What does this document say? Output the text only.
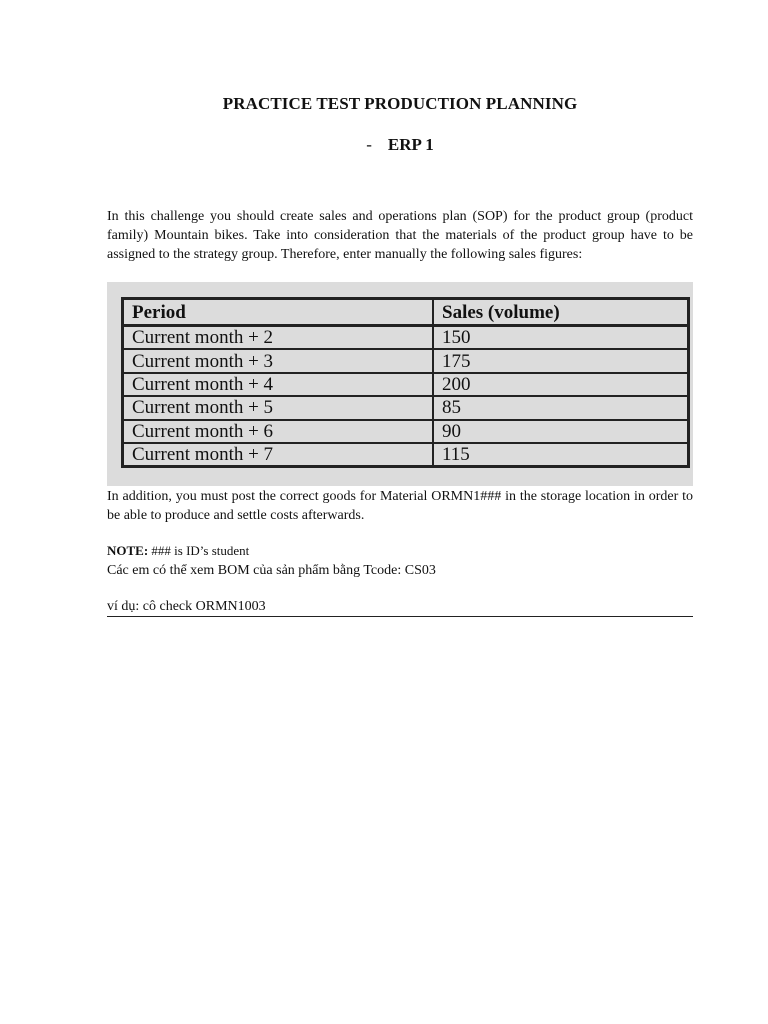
PRACTICE TEST PRODUCTION PLANNING
- ERP 1

In this challenge you should create sales and operations plan (SOP) for the product group (product family) Mountain bikes. Take into consideration that the materials of the product group have to be assigned to the strategy group. Therefore, enter manually the following sales figures:

Period	Sales (volume)
Current month + 2	150
Current month + 3	175
Current month + 4	200
Current month + 5	85
Current month + 6	90
Current month + 7	115

In addition, you must post the correct goods for Material ORMN1### in the storage location in order to be able to produce and settle costs afterwards.

NOTE: ### is ID’s student
Các em có thể xem BOM của sản phẩm bằng Tcode: CS03
ví dụ: cô check ORMN1003
